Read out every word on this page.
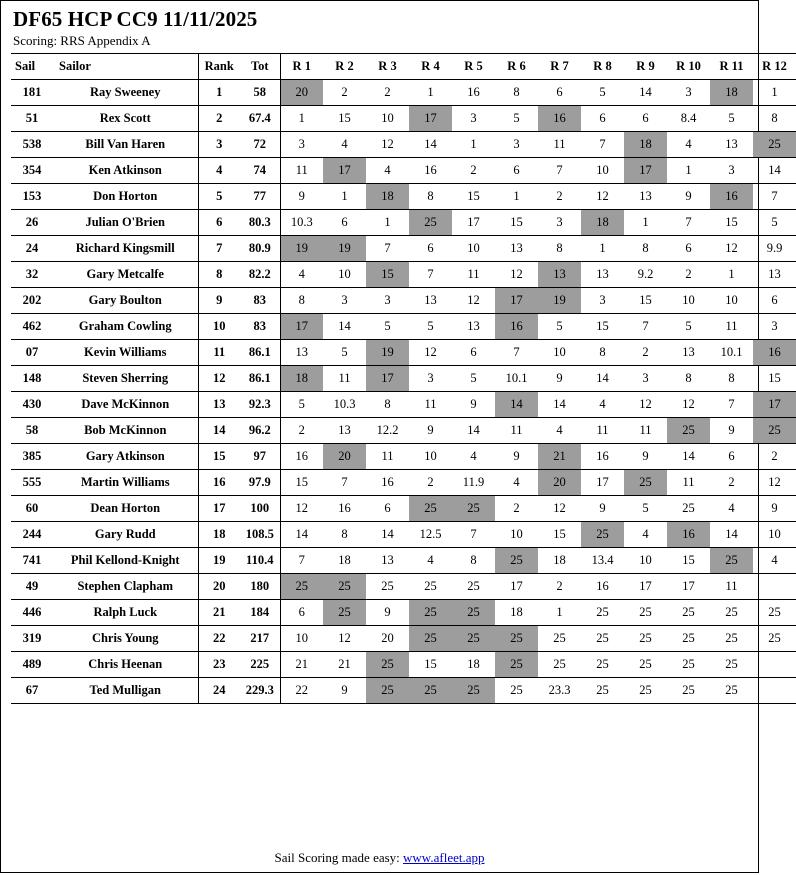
DF65 HCP CC9 11/11/2025
Scoring: RRS Appendix A
Sail	Sailor	Rank	Tot	R 1	R 2	R 3	R 4	R 5	R 6	R 7	R 8	R 9	R 10	R 11	R 12
181	Ray Sweeney	1	58	20	2	2	1	16	8	6	5	14	3	18	1
51	Rex Scott	2	67.4	1	15	10	17	3	5	16	6	6	8.4	5	8
538	Bill Van Haren	3	72	3	4	12	14	1	3	11	7	18	4	13	25
354	Ken Atkinson	4	74	11	17	4	16	2	6	7	10	17	1	3	14
153	Don Horton	5	77	9	1	18	8	15	1	2	12	13	9	16	7
26	Julian O'Brien	6	80.3	10.3	6	1	25	17	15	3	18	1	7	15	5
24	Richard Kingsmill	7	80.9	19	19	7	6	10	13	8	1	8	6	12	9.9
32	Gary Metcalfe	8	82.2	4	10	15	7	11	12	13	13	9.2	2	1	13
202	Gary Boulton	9	83	8	3	3	13	12	17	19	3	15	10	10	6
462	Graham Cowling	10	83	17	14	5	5	13	16	5	15	7	5	11	3
07	Kevin Williams	11	86.1	13	5	19	12	6	7	10	8	2	13	10.1	16
148	Steven Sherring	12	86.1	18	11	17	3	5	10.1	9	14	3	8	8	15
430	Dave McKinnon	13	92.3	5	10.3	8	11	9	14	14	4	12	12	7	17
58	Bob McKinnon	14	96.2	2	13	12.2	9	14	11	4	11	11	25	9	25
385	Gary Atkinson	15	97	16	20	11	10	4	9	21	16	9	14	6	2
555	Martin Williams	16	97.9	15	7	16	2	11.9	4	20	17	25	11	2	12
60	Dean Horton	17	100	12	16	6	25	25	2	12	9	5	25	4	9
244	Gary Rudd	18	108.5	14	8	14	12.5	7	10	15	25	4	16	14	10
741	Phil Kellond-Knight	19	110.4	7	18	13	4	8	25	18	13.4	10	15	25	4
49	Stephen Clapham	20	180	25	25	25	25	25	17	2	16	17	17	11	
446	Ralph Luck	21	184	6	25	9	25	25	18	1	25	25	25	25	25
319	Chris Young	22	217	10	12	20	25	25	25	25	25	25	25	25	25
489	Chris Heenan	23	225	21	21	25	15	18	25	25	25	25	25	25	
67	Ted Mulligan	24	229.3	22	9	25	25	25	25	23.3	25	25	25	25	
Sail Scoring made easy: www.afleet.app
